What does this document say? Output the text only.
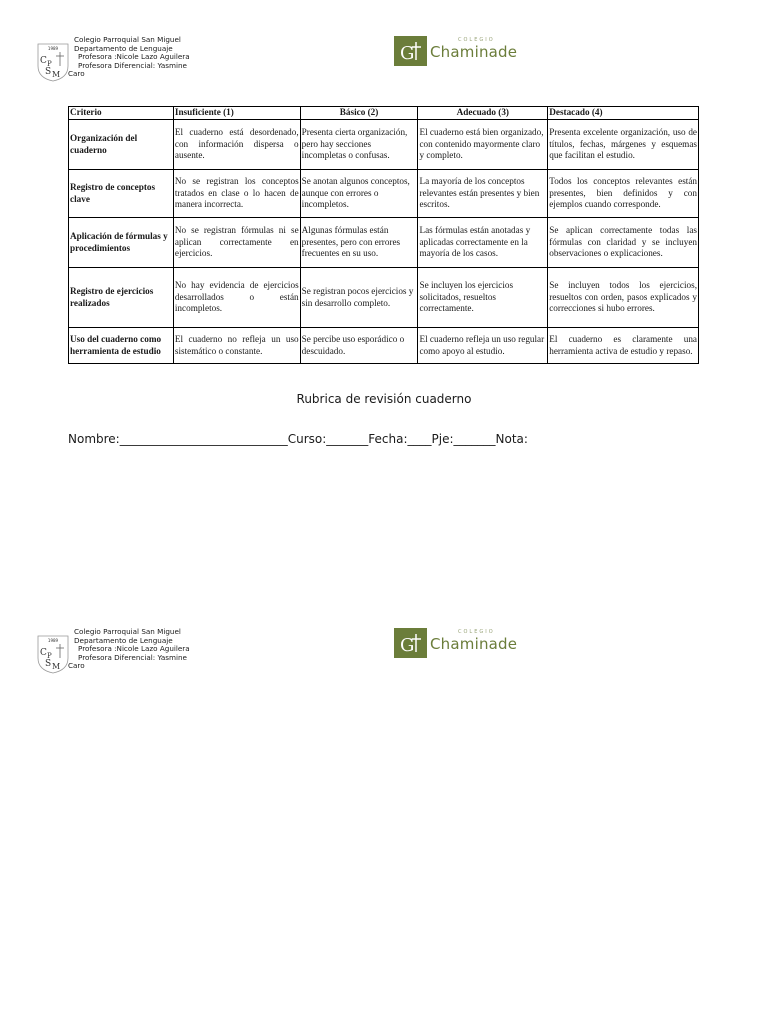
1989
C P
S M
Colegio Parroquial San Miguel
Departamento de Lenguaje
Profesora :Nicole Lazo Aguilera
Profesora Diferencial: Yasmine
Caro
G
COLEGIO
Chaminade
Criterio	Insuficiente (1)	Básico (2)	Adecuado (3)	Destacado (4)
Organización del cuaderno	El cuaderno está desordenado, con información dispersa o ausente.	Presenta cierta organización, pero hay secciones incompletas o confusas.	El cuaderno está bien organizado, con contenido mayormente claro y completo.	Presenta excelente organización, uso de títulos, fechas, márgenes y esquemas que facilitan el estudio.
Registro de conceptos clave	No se registran los conceptos tratados en clase o lo hacen de manera incorrecta.	Se anotan algunos conceptos, aunque con errores o incompletos.	La mayoría de los conceptos relevantes están presentes y bien escritos.	Todos los conceptos relevantes están presentes, bien definidos y con ejemplos cuando corresponde.
Aplicación de fórmulas y procedimientos	No se registran fórmulas ni se aplican correctamente en ejercicios.	Algunas fórmulas están presentes, pero con errores frecuentes en su uso.	Las fórmulas están anotadas y aplicadas correctamente en la mayoría de los casos.	Se aplican correctamente todas las fórmulas con claridad y se incluyen observaciones o explicaciones.
Registro de ejercicios realizados	No hay evidencia de ejercicios desarrollados o están incompletos.	Se registran pocos ejercicios y sin desarrollo completo.	Se incluyen los ejercicios solicitados, resueltos correctamente.	Se incluyen todos los ejercicios, resueltos con orden, pasos explicados y correcciones si hubo errores.
Uso del cuaderno como herramienta de estudio	El cuaderno no refleja un uso sistemático o constante.	Se percibe uso esporádico o descuidado.	El cuaderno refleja un uso regular como apoyo al estudio.	El cuaderno es claramente una herramienta activa de estudio y repaso.
Rubrica de revisión cuaderno
Nombre:____________________________Curso:_______Fecha:____Pje:_______Nota:
1989
C P
S M
Colegio Parroquial San Miguel
Departamento de Lenguaje
Profesora :Nicole Lazo Aguilera
Profesora Diferencial: Yasmine
Caro
G
COLEGIO
Chaminade
